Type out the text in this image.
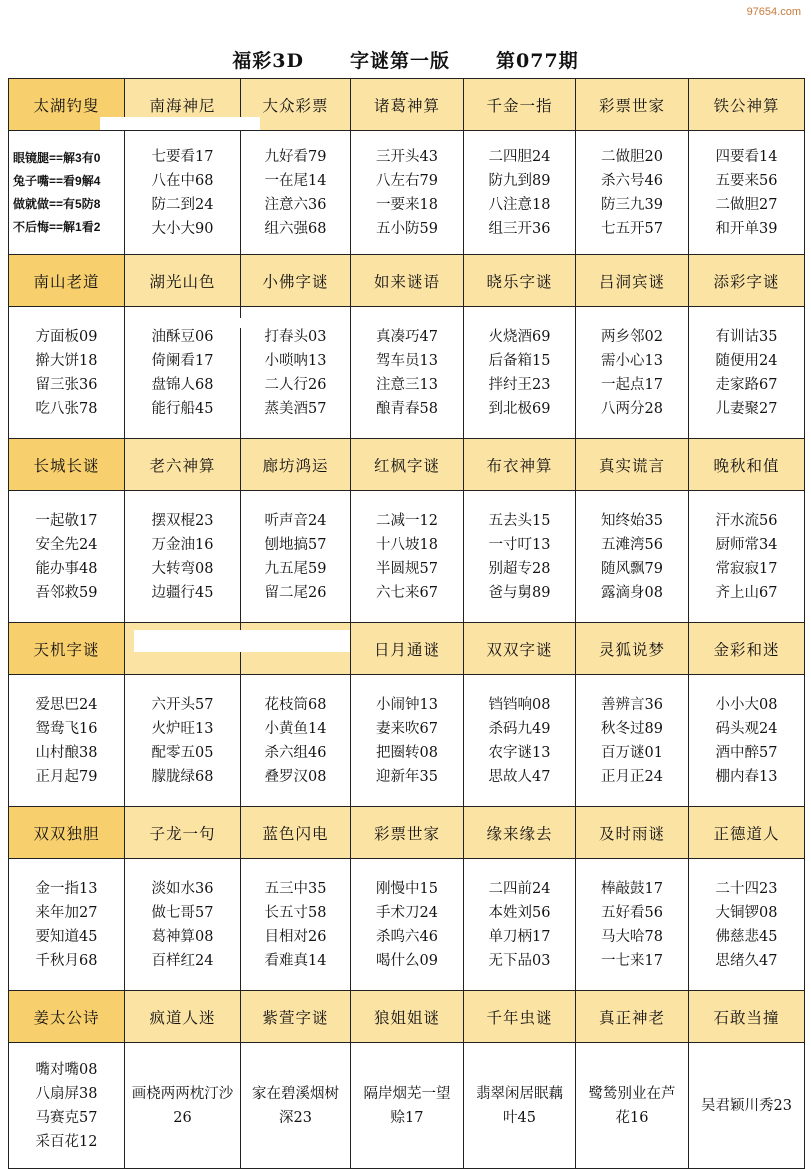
97654.com
福彩3D 字谜第一版 第077期
太湖钓叟	南海神尼	大众彩票	诸葛神算	千金一指	彩票世家	铁公神算

眼镜腿==解3有0
兔子嘴==看9解4
做就做==有5防8
不后悔==解1看2	七要看17
八在中68
防二到24
大小大90	九好看79
一在尾14
注意六36
组六强68	三开头43
八左右79
一要来18
五小防59	二四胆24
防九到89
八注意18
组三开36	二做胆20
杀六号46
防三九39
七五开57	四要看14
五要来56
二做胆27
和开单39

南山老道	湖光山色	小佛字谜	如来谜语	晓乐字谜	吕洞宾谜	添彩字谜

方面板09
擀大饼18
留三张36
吃八张78	油酥豆06
倚阑看17
盘锦人68
能行船45	打春头03
小唢呐13
二人行26
蒸美酒57	真凑巧47
驾车员13
注意三13
酿青春58	火烧酒69
后备箱15
拌纣王23
到北极69	两乡邻02
需小心13
一起点17
八两分28	有训诂35
随便用24
走家路67
儿妻聚27

长城长谜	老六神算	廊坊鸿运	红枫字谜	布衣神算	真实谎言	晚秋和值

一起敬17
安全先24
能办事48
吾邻救59	摆双棍23
万金油16
大转弯08
边疆行45	听声音24
刨地搞57
九五尾59
留二尾26	二减一12
十八坡18
半圆规57
六七来67	五去头15
一寸叮13
别超专28
爸与舅89	知终始35
五滩湾56
随风飘79
露滴身08	汗水流56
厨师常34
常寂寂17
齐上山67

天机字谜			日月通谜	双双字谜	灵狐说梦	金彩和迷

爱思巴24
鸳鸯飞16
山村酿38
正月起79	六开头57
火炉旺13
配零五05
朦胧绿68	花枝筒68
小黄鱼14
杀六组46
叠罗汉08	小闹钟13
妻来吹67
把圈转08
迎新年35	铛铛响08
杀码九49
农字谜13
思故人47	善辨言36
秋冬过89
百万谜01
正月正24	小小大08
码头观24
酒中醉57
棚内春13

双双独胆	子龙一句	蓝色闪电	彩票世家	缘来缘去	及时雨谜	正德道人

金一指13
来年加27
要知道45
千秋月68	淡如水36
做七哥57
葛神算08
百样红24	五三中35
长五寸58
目相对26
看难真14	刚慢中15
手术刀24
杀呜六46
喝什么09	二四前24
本姓刘56
单刀柄17
无下品03	棒敲鼓17
五好看56
马大哈78
一七来17	二十四23
大铜锣08
佛慈悲45
思绪久47

姜太公诗	疯道人迷	紫萱字谜	狼姐姐谜	千年虫谜	真正神老	石敢当撞

嘴对嘴08
八扇屏38
马赛克57
采百花12	画桡两两枕汀沙26	家在碧溪烟树深23	隔岸烟芜一望赊17	翡翠闲居眠藕叶45	鹭鸶别业在芦花16	吴君颖川秀23
